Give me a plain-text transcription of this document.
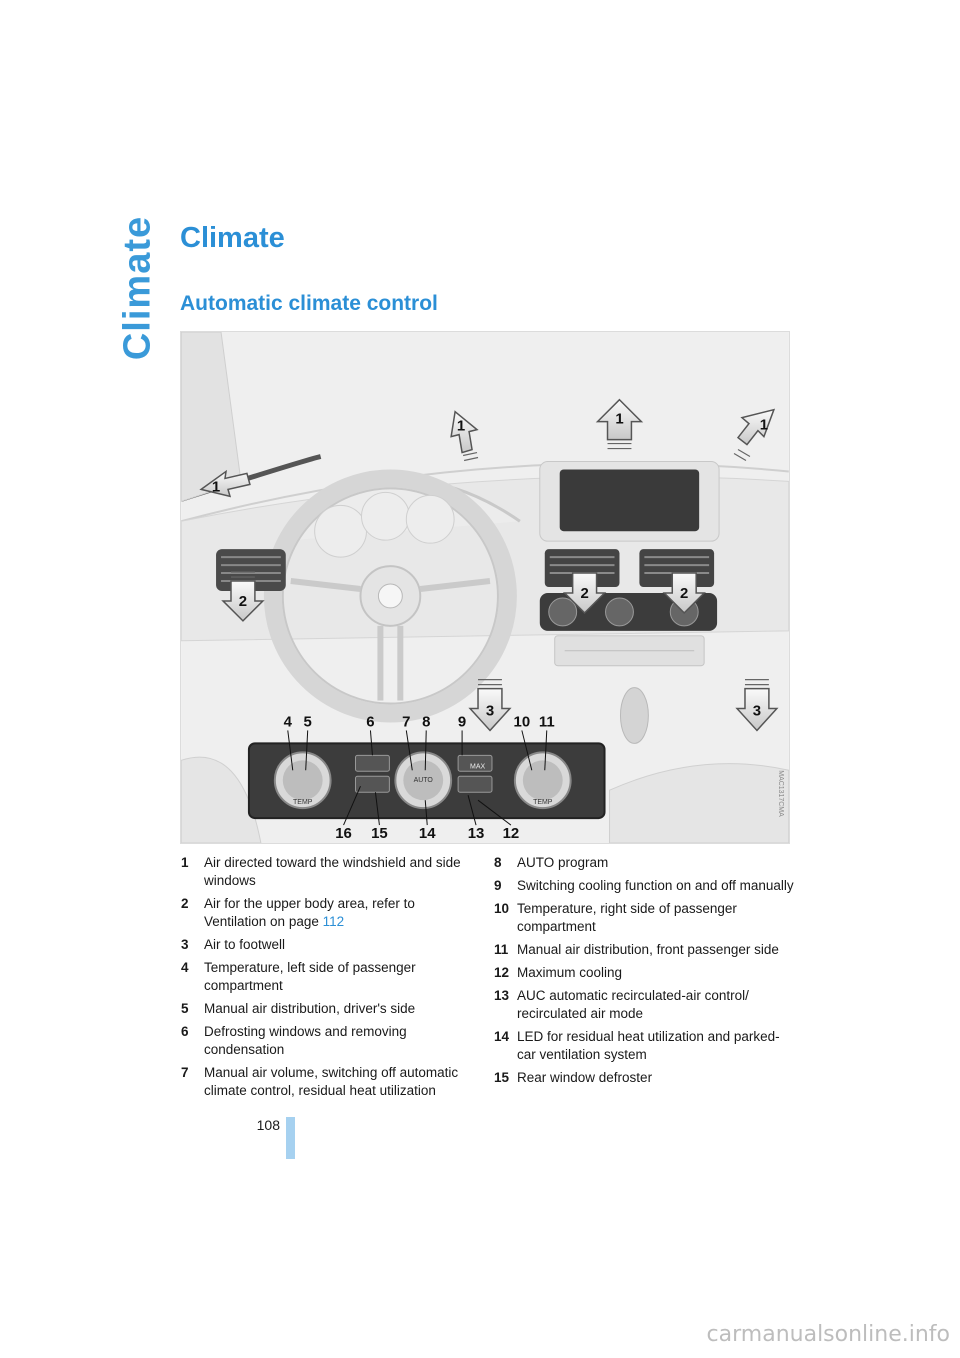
Climate Climate
Automatic climate control
1	1	1
1
2	2	2
3	3
TEMP
AUTO
TEMP
MAX
4 5	6 7 8 9	10 11
12
13
14
15
16
MAC1317CMA
1 Air directed toward the windshield and side windows
2 Air for the upper body area, refer to Ventilation on page 112
3 Air to footwell
4 Temperature, left side of passenger compartment
5 Manual air distribution, driver's side
6 Defrosting windows and removing condensation
7 Manual air volume, switching off automatic climate control, residual heat utilization
8 AUTO program
9 Switching cooling function on and off manually
10 Temperature, right side of passenger compartment
11 Manual air distribution, front passenger side
12 Maximum cooling
13 AUC automatic recirculated-air control/ recirculated air mode
14 LED for residual heat utilization and parked-car ventilation system
15 Rear window defroster
108
carmanualsonline.info
